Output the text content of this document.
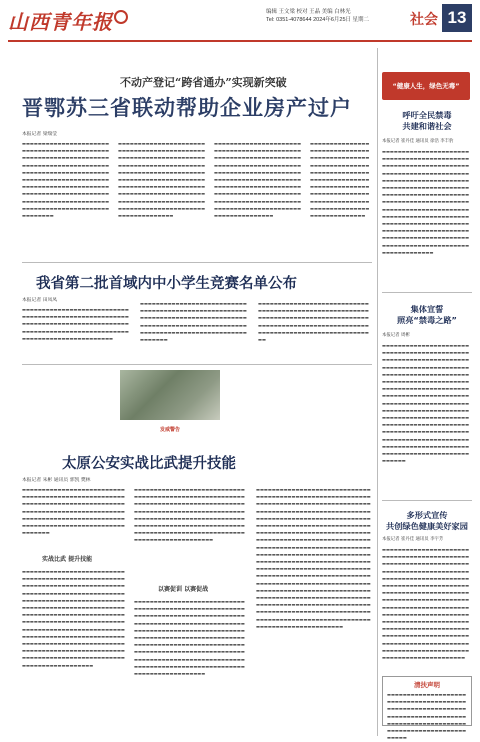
山西青年报	编辑 王文梁 校对 王晶 美编 白林光
Tel: 0351-4078644 2024年6月25日 星期二	社会 13
不动产登记“跨省通办”实现新突破
晋鄂苏三省联动帮助企业房产过户
本报记者 梁瑞莹
▬▬▬▬▬▬▬▬▬▬▬▬▬▬▬▬▬▬▬▬▬▬▬▬▬▬▬▬▬▬▬▬▬▬▬▬▬▬▬▬▬▬▬▬▬▬▬▬▬▬▬▬▬▬▬▬▬▬▬▬▬▬▬▬▬▬▬▬▬▬▬▬▬▬▬▬▬▬▬▬▬▬▬▬▬▬▬▬▬▬▬▬▬▬▬▬▬▬▬▬▬▬▬▬▬▬▬▬▬▬▬▬▬▬▬▬▬▬▬▬▬▬▬▬▬▬▬▬▬▬▬▬▬▬▬▬▬▬▬▬▬▬▬▬▬▬▬▬▬▬▬▬▬▬▬▬▬▬▬▬▬▬▬▬▬▬▬▬▬▬▬▬▬▬▬▬▬▬▬▬▬▬▬▬▬▬▬▬▬▬▬▬▬▬▬▬▬▬▬▬▬▬▬▬▬▬▬▬▬▬▬▬▬▬▬▬▬▬▬▬▬▬▬▬▬▬▬▬
▬▬▬▬▬▬▬▬▬▬▬▬▬▬▬▬▬▬▬▬▬▬▬▬▬▬▬▬▬▬▬▬▬▬▬▬▬▬▬▬▬▬▬▬▬▬▬▬▬▬▬▬▬▬▬▬▬▬▬▬▬▬▬▬▬▬▬▬▬▬▬▬▬▬▬▬▬▬▬▬▬▬▬▬▬▬▬▬▬▬▬▬▬▬▬▬▬▬▬▬▬▬▬▬▬▬▬▬▬▬▬▬▬▬▬▬▬▬▬▬▬▬▬▬▬▬▬▬▬▬▬▬▬▬▬▬▬▬▬▬▬▬▬▬▬▬▬▬▬▬▬▬▬▬▬▬▬▬▬▬▬▬▬▬▬▬▬▬▬▬▬▬▬▬▬▬▬▬▬▬▬▬▬▬▬▬▬▬▬▬▬▬▬▬▬▬▬▬▬▬▬▬▬▬▬▬▬▬▬▬▬▬▬▬▬▬▬▬▬▬▬▬▬▬▬▬▬▬▬▬▬▬▬▬
▬▬▬▬▬▬▬▬▬▬▬▬▬▬▬▬▬▬▬▬▬▬▬▬▬▬▬▬▬▬▬▬▬▬▬▬▬▬▬▬▬▬▬▬▬▬▬▬▬▬▬▬▬▬▬▬▬▬▬▬▬▬▬▬▬▬▬▬▬▬▬▬▬▬▬▬▬▬▬▬▬▬▬▬▬▬▬▬▬▬▬▬▬▬▬▬▬▬▬▬▬▬▬▬▬▬▬▬▬▬▬▬▬▬▬▬▬▬▬▬▬▬▬▬▬▬▬▬▬▬▬▬▬▬▬▬▬▬▬▬▬▬▬▬▬▬▬▬▬▬▬▬▬▬▬▬▬▬▬▬▬▬▬▬▬▬▬▬▬▬▬▬▬▬▬▬▬▬▬▬▬▬▬▬▬▬▬▬▬▬▬▬▬▬▬▬▬▬▬▬▬▬▬▬▬▬▬▬▬▬▬▬▬▬▬▬▬▬▬▬▬▬▬▬▬▬▬▬▬▬▬▬▬▬▬
▬▬▬▬▬▬▬▬▬▬▬▬▬▬▬▬▬▬▬▬▬▬▬▬▬▬▬▬▬▬▬▬▬▬▬▬▬▬▬▬▬▬▬▬▬▬▬▬▬▬▬▬▬▬▬▬▬▬▬▬▬▬▬▬▬▬▬▬▬▬▬▬▬▬▬▬▬▬▬▬▬▬▬▬▬▬▬▬▬▬▬▬▬▬▬▬▬▬▬▬▬▬▬▬▬▬▬▬▬▬▬▬▬▬▬▬▬▬▬▬▬▬▬▬▬▬▬▬▬▬▬▬▬▬▬▬▬▬▬▬▬▬▬▬▬▬▬▬▬▬▬▬▬▬▬▬▬▬▬▬▬▬▬▬
我省第二批首域内中小学生竞赛名单公布
本报记者 田凤凤
▬▬▬▬▬▬▬▬▬▬▬▬▬▬▬▬▬▬▬▬▬▬▬▬▬▬▬▬▬▬▬▬▬▬▬▬▬▬▬▬▬▬▬▬▬▬▬▬▬▬▬▬▬▬▬▬▬▬▬▬▬▬▬▬▬▬▬▬▬▬▬▬▬▬▬▬▬▬▬▬▬▬▬▬▬▬▬▬▬▬▬▬▬▬▬▬▬▬▬▬▬▬▬▬▬▬▬▬▬▬▬▬▬▬▬▬▬▬▬▬▬▬▬▬▬▬▬▬▬▬▬
▬▬▬▬▬▬▬▬▬▬▬▬▬▬▬▬▬▬▬▬▬▬▬▬▬▬▬▬▬▬▬▬▬▬▬▬▬▬▬▬▬▬▬▬▬▬▬▬▬▬▬▬▬▬▬▬▬▬▬▬▬▬▬▬▬▬▬▬▬▬▬▬▬▬▬▬▬▬▬▬▬▬▬▬▬▬▬▬▬▬▬▬▬▬▬▬▬▬▬▬▬▬▬▬▬▬▬▬▬▬▬▬▬▬▬▬▬▬▬▬▬▬▬▬▬▬▬▬▬▬▬▬▬▬▬▬▬▬▬▬▬▬
▬▬▬▬▬▬▬▬▬▬▬▬▬▬▬▬▬▬▬▬▬▬▬▬▬▬▬▬▬▬▬▬▬▬▬▬▬▬▬▬▬▬▬▬▬▬▬▬▬▬▬▬▬▬▬▬▬▬▬▬▬▬▬▬▬▬▬▬▬▬▬▬▬▬▬▬▬▬▬▬▬▬▬▬▬▬▬▬▬▬▬▬▬▬▬▬▬▬▬▬▬▬▬▬▬▬▬▬▬▬▬▬▬▬▬▬▬▬▬▬▬▬▬▬▬▬▬▬▬▬▬▬▬▬▬▬▬▬▬▬▬▬
发威警告
太原公安实战比武提升技能
本报记者 朱彬 通讯员 郭凯 樊林
▬▬▬▬▬▬▬▬▬▬▬▬▬▬▬▬▬▬▬▬▬▬▬▬▬▬▬▬▬▬▬▬▬▬▬▬▬▬▬▬▬▬▬▬▬▬▬▬▬▬▬▬▬▬▬▬▬▬▬▬▬▬▬▬▬▬▬▬▬▬▬▬▬▬▬▬▬▬▬▬▬▬▬▬▬▬▬▬▬▬▬▬▬▬▬▬▬▬▬▬▬▬▬▬▬▬▬▬▬▬▬▬▬▬▬▬▬▬▬▬▬▬▬▬▬▬▬▬▬▬▬▬▬▬▬▬▬▬▬▬▬▬▬▬▬▬▬▬▬▬▬▬▬▬▬▬▬▬▬▬▬▬▬
实战比武 提升技能
▬▬▬▬▬▬▬▬▬▬▬▬▬▬▬▬▬▬▬▬▬▬▬▬▬▬▬▬▬▬▬▬▬▬▬▬▬▬▬▬▬▬▬▬▬▬▬▬▬▬▬▬▬▬▬▬▬▬▬▬▬▬▬▬▬▬▬▬▬▬▬▬▬▬▬▬▬▬▬▬▬▬▬▬▬▬▬▬▬▬▬▬▬▬▬▬▬▬▬▬▬▬▬▬▬▬▬▬▬▬▬▬▬▬▬▬▬▬▬▬▬▬▬▬▬▬▬▬▬▬▬▬▬▬▬▬▬▬▬▬▬▬▬▬▬▬▬▬▬▬▬▬▬▬▬▬▬▬▬▬▬▬▬▬▬▬▬▬▬▬▬▬▬▬▬▬▬▬▬▬▬▬▬▬▬▬▬▬▬▬▬▬▬▬▬▬▬▬▬▬▬▬▬▬▬▬▬▬▬▬▬▬▬▬▬▬▬▬▬▬▬▬▬▬▬▬▬▬▬▬▬▬▬▬▬▬▬▬▬▬▬▬▬▬▬▬▬▬▬▬▬▬▬▬▬▬▬▬▬▬▬▬▬▬▬▬▬▬▬▬▬▬▬▬▬▬▬▬▬▬▬▬▬▬▬▬▬▬▬▬▬▬▬▬▬▬▬▬▬▬▬▬▬▬▬▬▬▬▬▬▬▬▬▬▬▬▬▬▬▬▬▬▬▬▬▬▬▬▬▬▬▬▬▬▬▬▬▬▬▬▬▬▬▬▬▬▬▬▬▬▬▬▬▬▬▬
▬▬▬▬▬▬▬▬▬▬▬▬▬▬▬▬▬▬▬▬▬▬▬▬▬▬▬▬▬▬▬▬▬▬▬▬▬▬▬▬▬▬▬▬▬▬▬▬▬▬▬▬▬▬▬▬▬▬▬▬▬▬▬▬▬▬▬▬▬▬▬▬▬▬▬▬▬▬▬▬▬▬▬▬▬▬▬▬▬▬▬▬▬▬▬▬▬▬▬▬▬▬▬▬▬▬▬▬▬▬▬▬▬▬▬▬▬▬▬▬▬▬▬▬▬▬▬▬▬▬▬▬▬▬▬▬▬▬▬▬▬▬▬▬▬▬▬▬▬▬▬▬▬▬▬▬▬▬▬▬▬▬▬▬▬▬▬▬▬▬▬▬▬▬▬▬▬▬▬▬▬▬▬▬▬▬▬▬▬▬▬▬▬▬▬▬▬▬▬▬▬▬▬▬▬▬▬▬▬▬▬▬▬▬▬▬
以赛促训 以赛促战
▬▬▬▬▬▬▬▬▬▬▬▬▬▬▬▬▬▬▬▬▬▬▬▬▬▬▬▬▬▬▬▬▬▬▬▬▬▬▬▬▬▬▬▬▬▬▬▬▬▬▬▬▬▬▬▬▬▬▬▬▬▬▬▬▬▬▬▬▬▬▬▬▬▬▬▬▬▬▬▬▬▬▬▬▬▬▬▬▬▬▬▬▬▬▬▬▬▬▬▬▬▬▬▬▬▬▬▬▬▬▬▬▬▬▬▬▬▬▬▬▬▬▬▬▬▬▬▬▬▬▬▬▬▬▬▬▬▬▬▬▬▬▬▬▬▬▬▬▬▬▬▬▬▬▬▬▬▬▬▬▬▬▬▬▬▬▬▬▬▬▬▬▬▬▬▬▬▬▬▬▬▬▬▬▬▬▬▬▬▬▬▬▬▬▬▬▬▬▬▬▬▬▬▬▬▬▬▬▬▬▬▬▬▬▬▬▬▬▬▬▬▬▬▬▬▬▬▬▬▬▬▬▬▬▬▬▬▬▬▬▬▬▬▬▬▬▬▬▬▬▬▬▬▬▬▬▬▬▬▬▬▬▬▬▬▬▬▬▬▬▬▬▬▬▬▬▬▬▬▬▬▬▬▬▬▬▬▬▬▬▬▬▬▬▬▬▬▬
▬▬▬▬▬▬▬▬▬▬▬▬▬▬▬▬▬▬▬▬▬▬▬▬▬▬▬▬▬▬▬▬▬▬▬▬▬▬▬▬▬▬▬▬▬▬▬▬▬▬▬▬▬▬▬▬▬▬▬▬▬▬▬▬▬▬▬▬▬▬▬▬▬▬▬▬▬▬▬▬▬▬▬▬▬▬▬▬▬▬▬▬▬▬▬▬▬▬▬▬▬▬▬▬▬▬▬▬▬▬▬▬▬▬▬▬▬▬▬▬▬▬▬▬▬▬▬▬▬▬▬▬▬▬▬▬▬▬▬▬▬▬▬▬▬▬▬▬▬▬▬▬▬▬▬▬▬▬▬▬▬▬▬▬▬▬▬▬▬▬▬▬▬▬▬▬▬▬▬▬▬▬▬▬▬▬▬▬▬▬▬▬▬▬▬▬▬▬▬▬▬▬▬▬▬▬▬▬▬▬▬▬▬▬▬▬▬▬▬▬▬▬▬▬▬▬▬▬▬▬▬▬▬▬▬▬▬▬▬▬▬▬▬▬▬▬▬▬▬▬▬▬▬▬▬▬▬▬▬▬▬▬▬▬▬▬▬▬▬▬▬▬▬▬▬▬▬▬▬▬▬▬▬▬▬▬▬▬▬▬▬▬▬▬▬▬▬▬▬▬▬▬▬▬▬▬▬▬▬▬▬▬▬▬▬▬▬▬▬▬▬▬▬▬▬▬▬▬▬▬▬▬▬▬▬▬▬▬▬▬▬▬▬▬▬▬▬▬▬▬▬▬▬▬▬▬▬▬▬▬▬▬▬▬▬▬▬▬▬▬▬▬▬▬▬▬▬▬▬▬▬▬▬▬▬▬▬▬▬▬▬▬▬▬▬▬▬▬▬▬▬▬▬▬▬▬▬▬▬▬▬▬▬▬▬▬▬▬▬▬▬▬▬▬▬▬▬▬▬▬▬▬▬▬▬▬▬▬▬▬▬▬▬▬▬▬▬▬▬▬▬▬▬▬▬▬▬▬▬▬▬▬▬▬▬▬▬▬▬▬▬▬▬▬▬▬▬▬▬▬▬▬▬▬▬▬▬▬▬▬▬▬▬▬▬▬▬▬▬▬▬▬▬▬▬▬▬▬▬▬▬▬▬▬▬▬▬▬▬▬▬▬▬▬▬▬▬▬▬▬▬▬▬▬▬▬▬▬▬▬▬▬▬▬▬▬▬▬▬▬▬▬▬▬▬▬▬▬▬▬▬▬▬▬▬▬▬▬▬▬▬▬▬
“健康人生，绿色无毒”
呼吁全民禁毒
共建和谐社会
本报记者 崔丹佳 通讯员 徐浩 李丰豹
▬▬▬▬▬▬▬▬▬▬▬▬▬▬▬▬▬▬▬▬▬▬▬▬▬▬▬▬▬▬▬▬▬▬▬▬▬▬▬▬▬▬▬▬▬▬▬▬▬▬▬▬▬▬▬▬▬▬▬▬▬▬▬▬▬▬▬▬▬▬▬▬▬▬▬▬▬▬▬▬▬▬▬▬▬▬▬▬▬▬▬▬▬▬▬▬▬▬▬▬▬▬▬▬▬▬▬▬▬▬▬▬▬▬▬▬▬▬▬▬▬▬▬▬▬▬▬▬▬▬▬▬▬▬▬▬▬▬▬▬▬▬▬▬▬▬▬▬▬▬▬▬▬▬▬▬▬▬▬▬▬▬▬▬▬▬▬▬▬▬▬▬▬▬▬▬▬▬▬▬▬▬▬▬▬▬▬▬▬▬▬▬▬▬▬▬▬▬▬▬▬▬▬▬▬▬▬▬▬▬▬▬▬▬▬▬▬▬▬▬▬▬▬▬▬▬▬▬▬▬▬▬▬▬▬▬▬▬▬▬▬▬▬▬▬▬▬▬▬▬▬▬▬▬▬▬▬▬▬▬▬▬▬▬▬▬▬▬▬▬▬▬▬▬▬▬▬▬▬▬▬▬▬▬▬▬▬▬▬▬▬▬▬▬▬▬▬▬▬▬▬▬▬▬▬▬▬▬▬▬▬▬▬▬▬▬▬▬▬▬▬
集体宣誓
照亮“禁毒之路”
本报记者 周彬
▬▬▬▬▬▬▬▬▬▬▬▬▬▬▬▬▬▬▬▬▬▬▬▬▬▬▬▬▬▬▬▬▬▬▬▬▬▬▬▬▬▬▬▬▬▬▬▬▬▬▬▬▬▬▬▬▬▬▬▬▬▬▬▬▬▬▬▬▬▬▬▬▬▬▬▬▬▬▬▬▬▬▬▬▬▬▬▬▬▬▬▬▬▬▬▬▬▬▬▬▬▬▬▬▬▬▬▬▬▬▬▬▬▬▬▬▬▬▬▬▬▬▬▬▬▬▬▬▬▬▬▬▬▬▬▬▬▬▬▬▬▬▬▬▬▬▬▬▬▬▬▬▬▬▬▬▬▬▬▬▬▬▬▬▬▬▬▬▬▬▬▬▬▬▬▬▬▬▬▬▬▬▬▬▬▬▬▬▬▬▬▬▬▬▬▬▬▬▬▬▬▬▬▬▬▬▬▬▬▬▬▬▬▬▬▬▬▬▬▬▬▬▬▬▬▬▬▬▬▬▬▬▬▬▬▬▬▬▬▬▬▬▬▬▬▬▬▬▬▬▬▬▬▬▬▬▬▬▬▬▬▬▬▬▬▬▬▬▬▬▬▬▬▬▬▬▬▬▬▬▬▬▬▬▬▬▬▬▬▬▬▬▬▬▬▬▬▬▬▬▬▬▬▬▬▬▬▬▬▬▬▬▬▬▬▬▬▬▬▬▬▬▬▬▬▬▬▬▬▬▬▬▬▬▬▬▬▬▬▬▬▬▬▬▬▬▬▬▬▬▬▬▬▬▬▬▬▬
多形式宣传
共创绿色健康美好家园
本报记者 崔丹佳 通讯员 李宇芳
▬▬▬▬▬▬▬▬▬▬▬▬▬▬▬▬▬▬▬▬▬▬▬▬▬▬▬▬▬▬▬▬▬▬▬▬▬▬▬▬▬▬▬▬▬▬▬▬▬▬▬▬▬▬▬▬▬▬▬▬▬▬▬▬▬▬▬▬▬▬▬▬▬▬▬▬▬▬▬▬▬▬▬▬▬▬▬▬▬▬▬▬▬▬▬▬▬▬▬▬▬▬▬▬▬▬▬▬▬▬▬▬▬▬▬▬▬▬▬▬▬▬▬▬▬▬▬▬▬▬▬▬▬▬▬▬▬▬▬▬▬▬▬▬▬▬▬▬▬▬▬▬▬▬▬▬▬▬▬▬▬▬▬▬▬▬▬▬▬▬▬▬▬▬▬▬▬▬▬▬▬▬▬▬▬▬▬▬▬▬▬▬▬▬▬▬▬▬▬▬▬▬▬▬▬▬▬▬▬▬▬▬▬▬▬▬▬▬▬▬▬▬▬▬▬▬▬▬▬▬▬▬▬▬▬▬▬▬▬▬▬▬▬▬▬▬▬▬▬▬▬▬▬▬▬▬▬▬▬▬▬▬▬▬▬▬▬▬▬▬▬▬▬▬▬▬▬▬▬▬▬▬▬▬▬▬▬▬▬▬▬▬▬▬▬▬▬▬▬▬▬▬▬▬▬▬▬▬▬▬▬▬▬▬▬▬▬▬▬▬▬▬▬▬▬▬▬▬▬▬▬▬▬▬▬▬▬▬▬▬▬▬▬▬▬▬▬▬▬▬▬
清扶声明
▬▬▬▬▬▬▬▬▬▬▬▬▬▬▬▬▬▬▬▬▬▬▬▬▬▬▬▬▬▬▬▬▬▬▬▬▬▬▬▬▬▬▬▬▬▬▬▬▬▬▬▬▬▬▬▬▬▬▬▬▬▬▬▬▬▬▬▬▬▬▬▬▬▬▬▬▬▬▬▬▬▬▬▬▬▬▬▬▬▬▬▬▬▬▬▬▬▬▬▬▬▬▬▬▬▬▬▬▬▬▬▬▬▬▬▬▬▬▬▬▬▬▬▬▬
